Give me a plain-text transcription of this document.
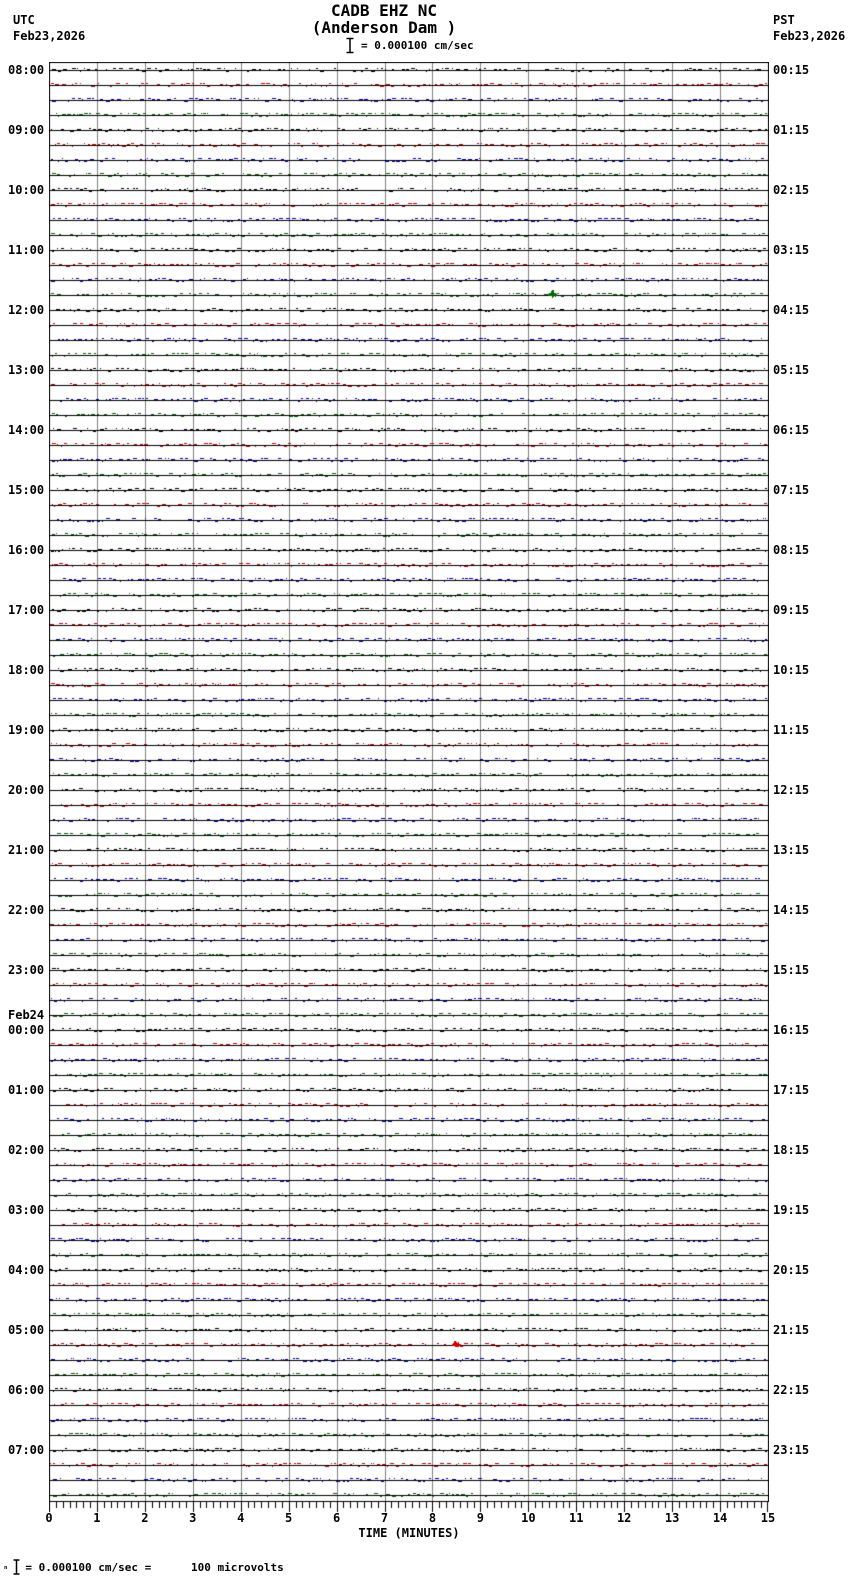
CADB EHZ NC
(Anderson Dam )
UTC
Feb23,2026
PST
Feb23,2026
= 0.000100 cm/sec
TIME (MINUTES)
ₙ = 0.000100 cm/sec =      100 microvolts
08:00
09:00
10:00
11:00
12:00
13:00
14:00
15:00
16:00
17:00
18:00
19:00
20:00
21:00
22:00
23:00
Feb24
00:00
01:00
02:00
03:00
04:00
05:00
06:00
07:00
00:15
01:15
02:15
03:15
04:15
05:15
06:15
07:15
08:15
09:15
10:15
11:15
12:15
13:15
14:15
15:15
16:15
17:15
18:15
19:15
20:15
21:15
22:15
23:15
0	1	2	3	4	5	6	7	8	9	10	11	12	13	14	15
